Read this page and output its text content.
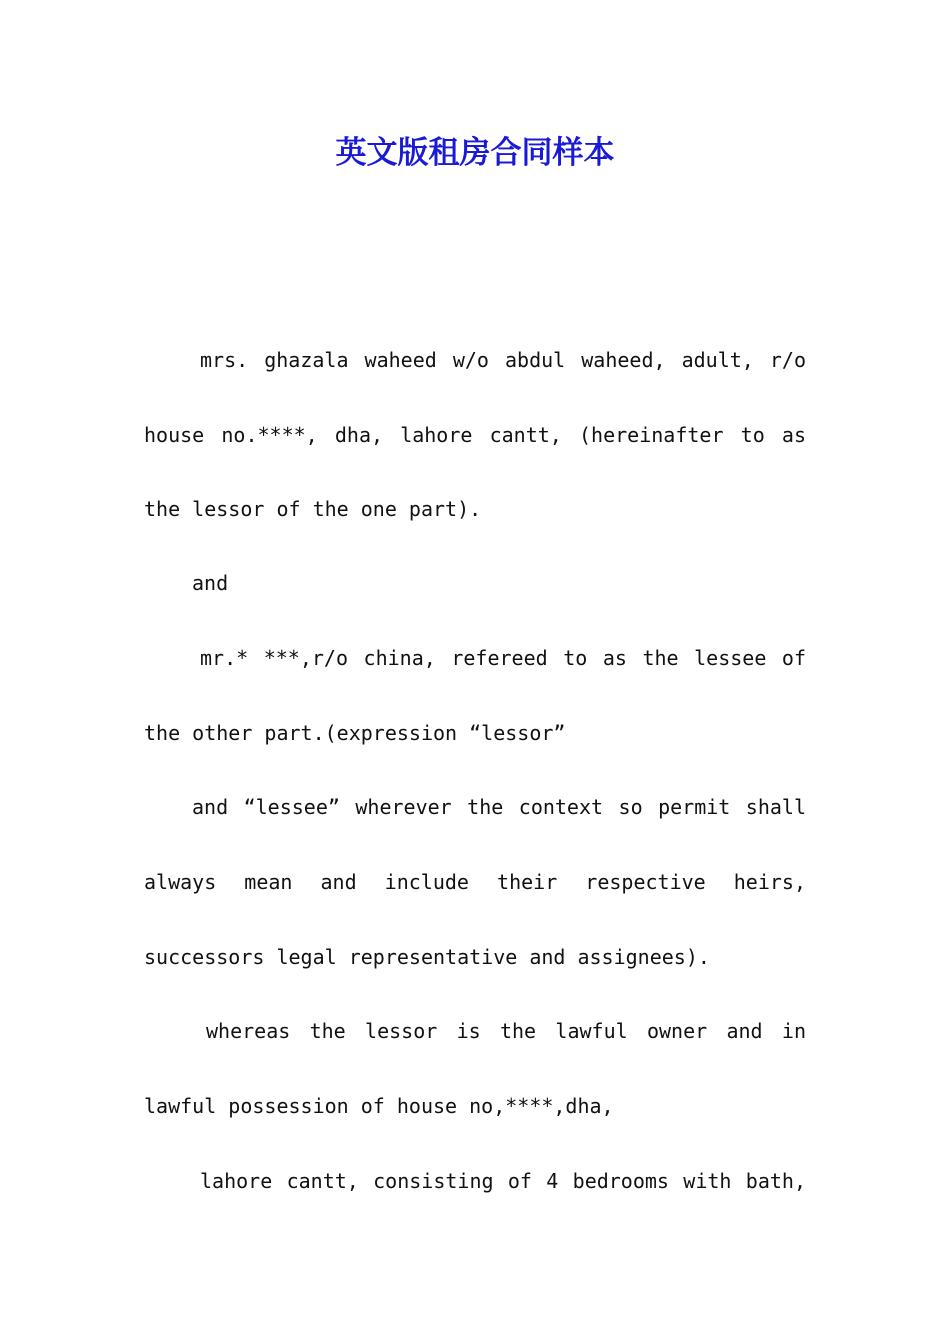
英文版租房合同样本

mrs. ghazala waheed w/o abdul waheed, adult, r/o

house no.****, dha, lahore cantt, (hereinafter to as

the lessor of the one part).

and

mr.* ***,r/o china, refereed to as the lessee of

the other part.(expression “lessor”

and “lessee” wherever the context so permit shall

always mean and include their respective heirs,

successors legal representative and assignees).

whereas the lessor is the lawful owner and in

lawful possession of house no,****,dha,

lahore cantt, consisting of 4 bedrooms with bath,
